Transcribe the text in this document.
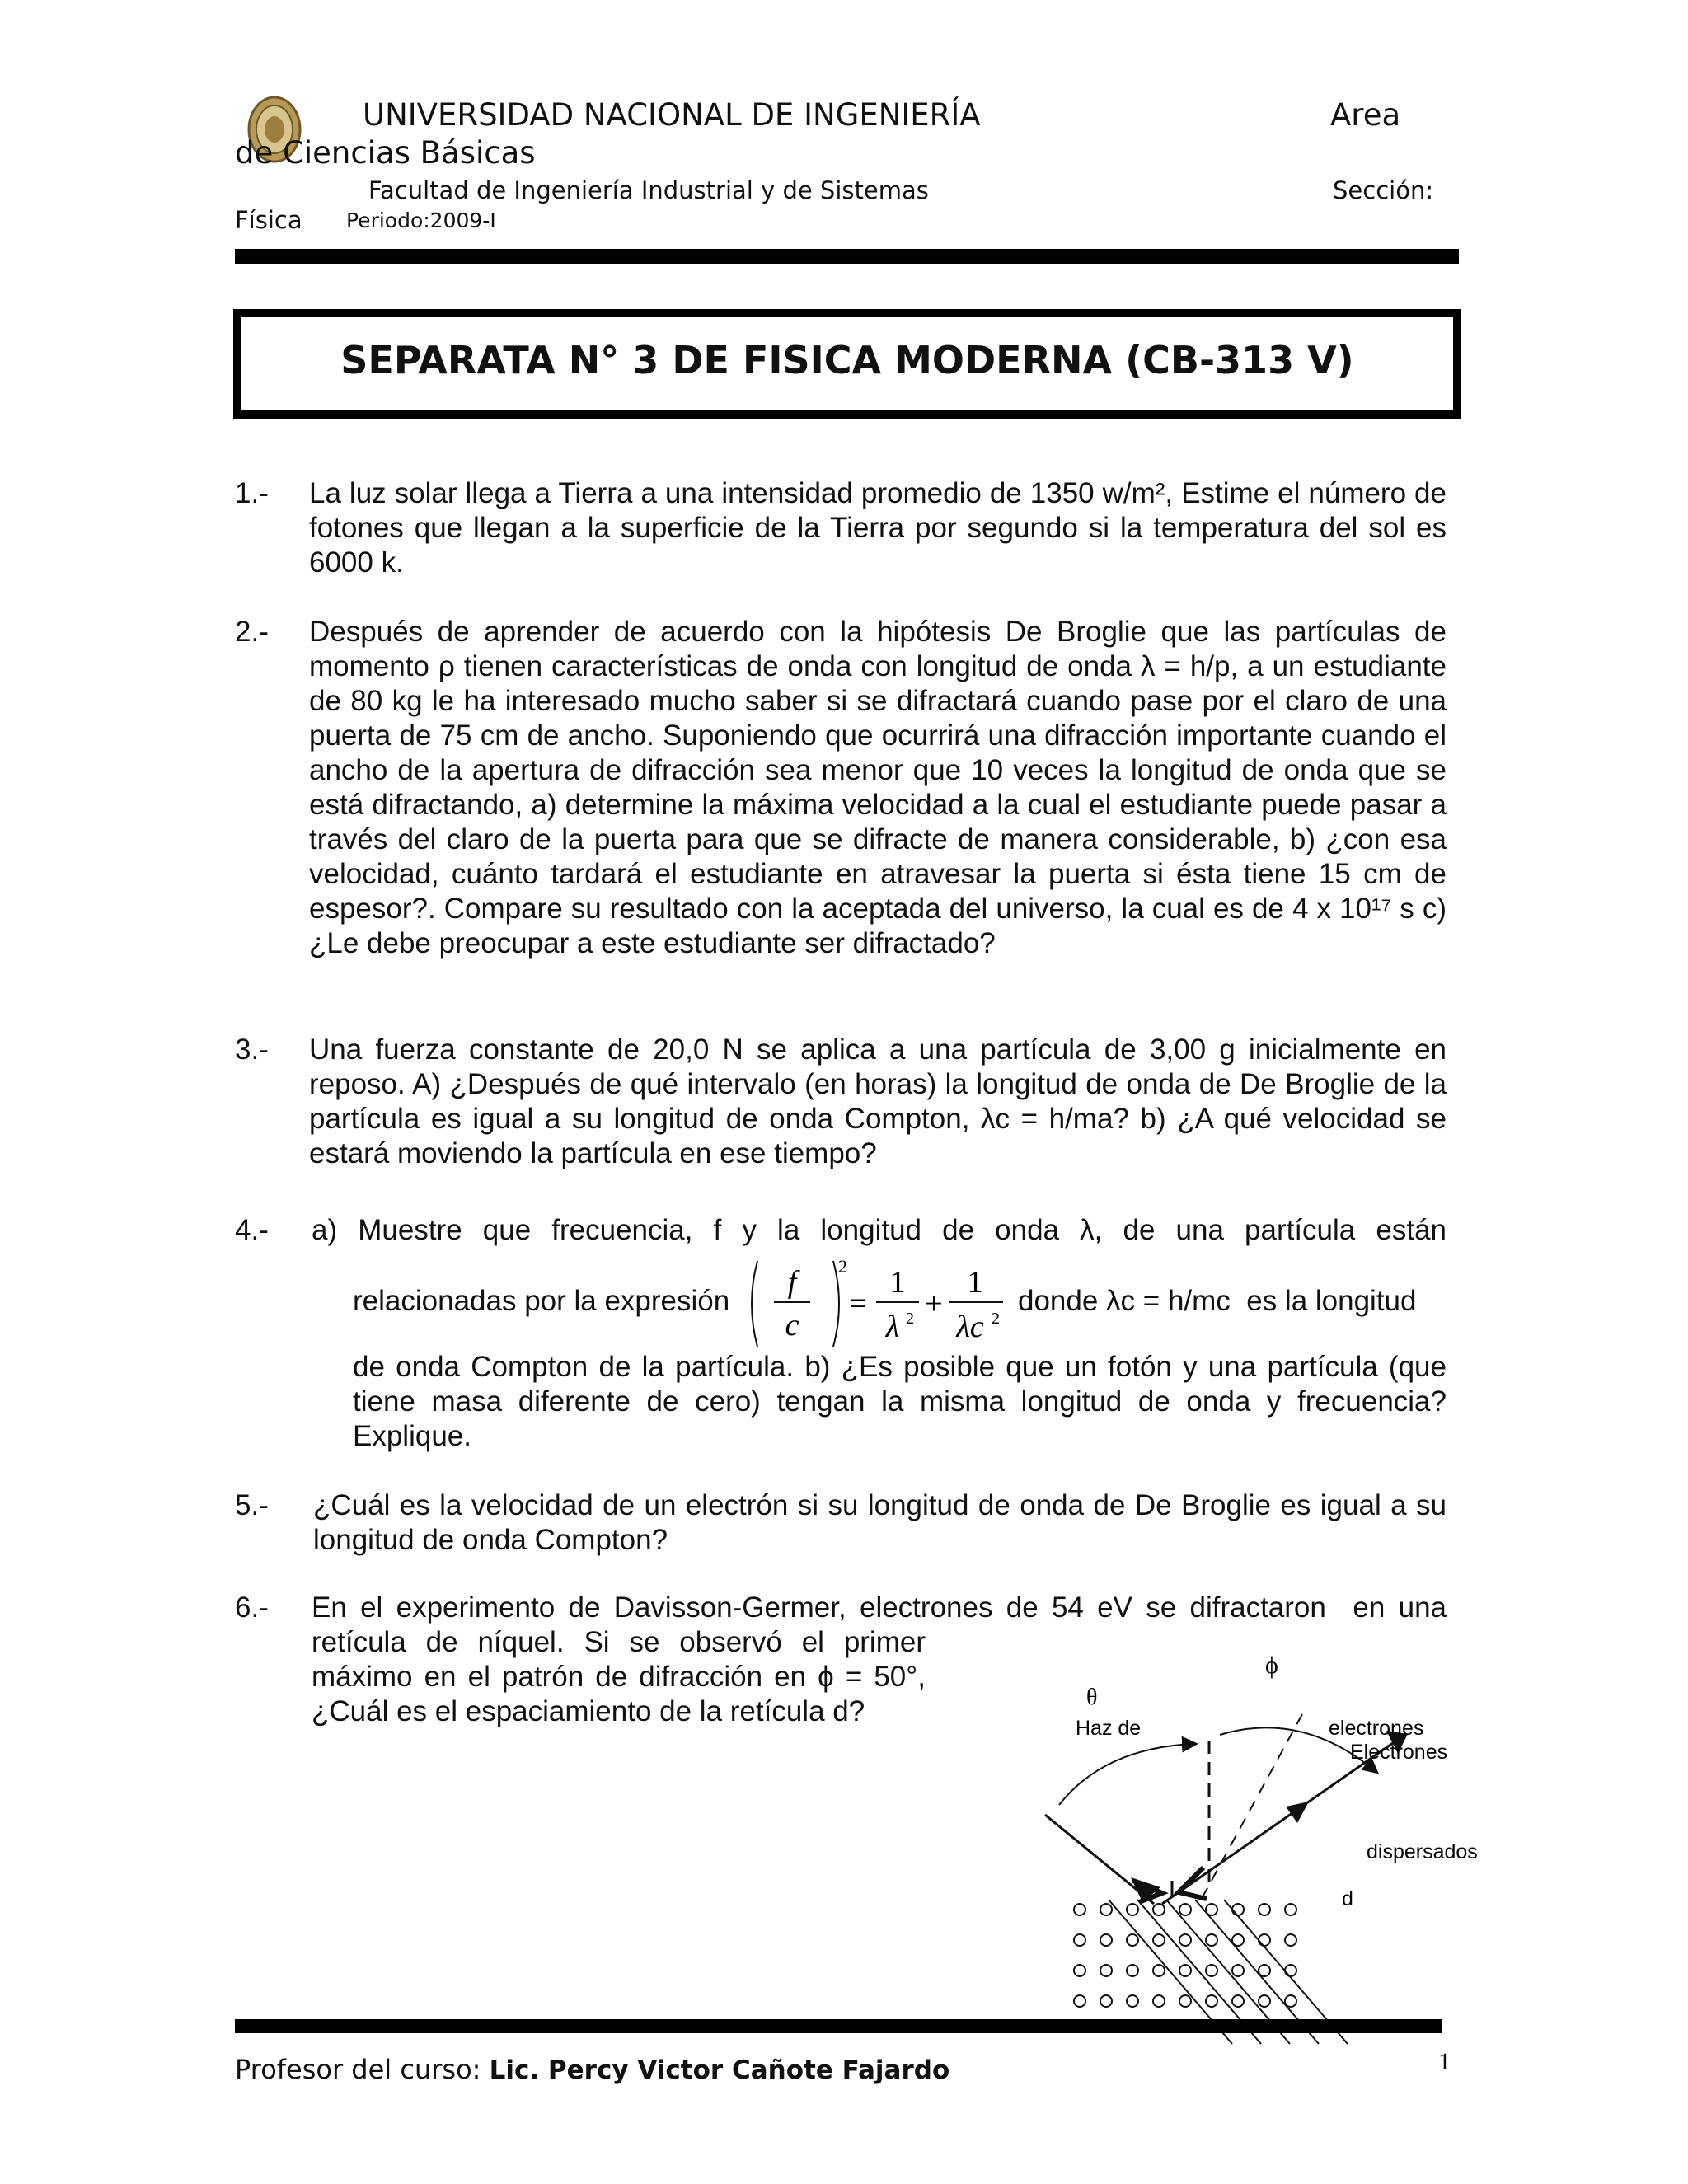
UNIVERSIDAD NACIONAL DE INGENIERÍA	Area
de Ciencias Básicas
Facultad de Ingeniería Industrial y de Sistemas	Sección:
Física Periodo:2009-I
SEPARATA N° 3 DE FISICA MODERNA (CB-313 V)
1.- La luz solar llega a Tierra a una intensidad promedio de 1350 w/m², Estime el número de fotones que llegan a la superficie de la Tierra por segundo si la temperatura del sol es 6000 k.
2.- Después de aprender de acuerdo con la hipótesis De Broglie que las partículas de momento ρ tienen características de onda con longitud de onda λ = h/p, a un estudiante de 80 kg le ha interesado mucho saber si se difractará cuando pase por el claro de una puerta de 75 cm de ancho. Suponiendo que ocurrirá una difracción importante cuando el ancho de la apertura de difracción sea menor que 10 veces la longitud de onda que se está difractando, a) determine la máxima velocidad a la cual el estudiante puede pasar a través del claro de la puerta para que se difracte de manera considerable, b) ¿con esa velocidad, cuánto tardará el estudiante en atravesar la puerta si ésta tiene 15 cm de espesor?. Compare su resultado con la aceptada del universo, la cual es de 4 x 10¹⁷ s c) ¿Le debe preocupar a este estudiante ser difractado?
3.- Una fuerza constante de 20,0 N se aplica a una partícula de 3,00 g inicialmente en reposo. A) ¿Después de qué intervalo (en horas) la longitud de onda de De Broglie de la partícula es igual a su longitud de onda Compton, λc = h/ma? b) ¿A qué velocidad se estará moviendo la partícula en ese tiempo?
4.- a) Muestre que frecuencia, f y la longitud de onda λ, de una partícula están
relacionadas por la expresión
f
c
2
=
1
λ 2 +
1
λc 2
donde λc = h/mc  es la longitud
de onda Compton de la partícula. b) ¿Es posible que un fotón y una partícula (que tiene masa diferente de cero) tengan la misma longitud de onda y frecuencia? Explique.
5.- ¿Cuál es la velocidad de un electrón si su longitud de onda de De Broglie es igual a su longitud de onda Compton?
6.- En el experimento de Davisson-Germer, electrones de 54 eV se difractaron  en una
retícula de níquel. Si se observó el primer máximo en el patrón de difracción en ϕ = 50°, ¿Cuál es el espaciamiento de la retícula d?	θ
ϕ
Haz de	electrones
Electrones
dispersados
d
Profesor del curso: Lic. Percy Victor Cañote Fajardo	1
